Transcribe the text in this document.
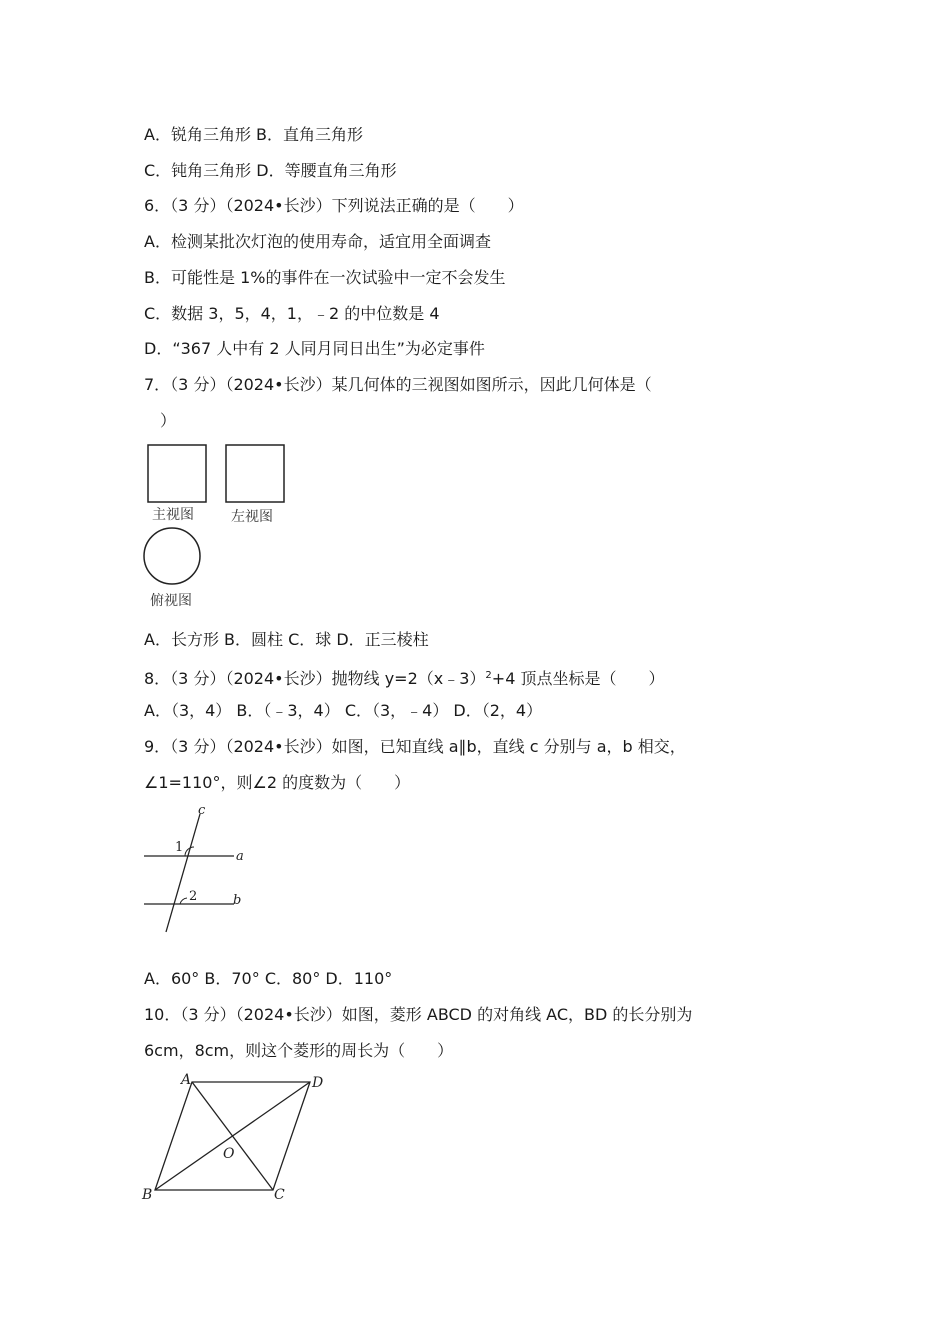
A．锐角三角形 B．直角三角形
C．钝角三角形 D．等腰直角三角形
6．（3 分）（2024•长沙）下列说法正确的是（　　）
A．检测某批次灯泡的使用寿命，适宜用全面调查
B．可能性是 1%的事件在一次试验中一定不会发生
C．数据 3，5，4，1，﹣2 的中位数是 4
D．“367 人中有 2 人同月同日出生”为必定事件
7．（3 分）（2024•长沙）某几何体的三视图如图所示，因此几何体是（
　）
主视图	左视图
俯视图
A．长方形 B．圆柱 C．球 D．正三棱柱
8．（3 分）（2024•长沙）抛物线 y=2（x﹣3）$^2$+4 顶点坐标是（　　）
A．（3，4） B．（﹣3，4） C．（3，﹣4） D．（2，4）
9．（3 分）（2024•长沙）如图，已知直线 a∥b，直线 c 分别与 a，b 相交，
∠1=110°，则∠2 的度数为（　　）
c
a
b
1
2
A．60° B．70° C．80° D．110°
10．（3 分）（2024•长沙）如图，菱形 ABCD 的对角线 AC，BD 的长分别为
6cm，8cm，则这个菱形的周长为（　　）
A	D
B	C
O
